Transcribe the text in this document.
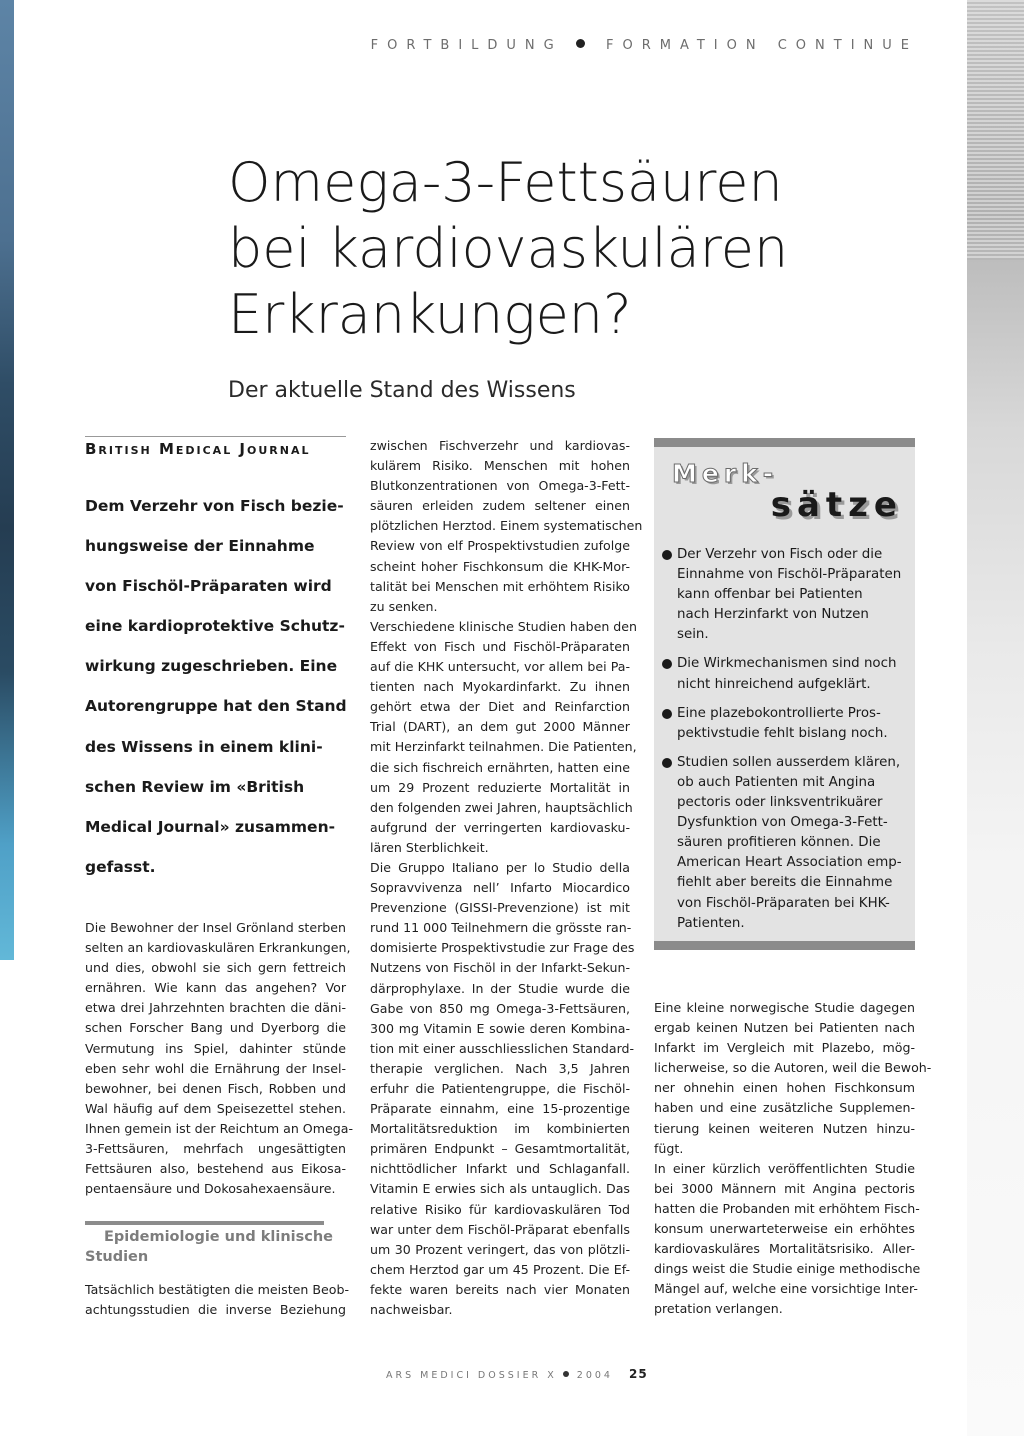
FORTBILDUNG	FORMATION CONTINUE
Omega-3-Fettsäuren
bei kardiovaskulären
Erkrankungen?
Der aktuelle Stand des Wissens
British Medical Journal
Dem Verzehr von Fisch bezie-
hungsweise der Einnahme
von Fischöl-Präparaten wird
eine kardioprotektive Schutz-
wirkung zugeschrieben. Eine
Autorengruppe hat den Stand
des Wissens in einem klini-
schen Review im «British
Medical Journal» zusammen-
gefasst.
Die Bewohner der Insel Grönland sterben
selten an kardiovaskulären Erkrankungen,
und dies, obwohl sie sich gern fettreich
ernähren. Wie kann das angehen? Vor
etwa drei Jahrzehnten brachten die däni-
schen Forscher Bang und Dyerborg die
Vermutung ins Spiel, dahinter stünde
eben sehr wohl die Ernährung der Insel-
bewohner, bei denen Fisch, Robben und
Wal häufig auf dem Speisezettel stehen.
Ihnen gemein ist der Reichtum an Omega-
3-Fettsäuren, mehrfach ungesättigten
Fettsäuren also, bestehend aus Eikosa-
pentaensäure und Dokosahexaensäure.
Epidemiologie und klinische
Studien
Tatsächlich bestätigten die meisten Beob-
achtungsstudien die inverse Beziehung
zwischen Fischverzehr und kardiovas-
kulärem Risiko. Menschen mit hohen
Blutkonzentrationen von Omega-3-Fett-
säuren erleiden zudem seltener einen
plötzlichen Herztod. Einem systematischen
Review von elf Prospektivstudien zufolge
scheint hoher Fischkonsum die KHK-Mor-
talität bei Menschen mit erhöhtem Risiko
zu senken.
Verschiedene klinische Studien haben den
Effekt von Fisch und Fischöl-Präparaten
auf die KHK untersucht, vor allem bei Pa-
tienten nach Myokardinfarkt. Zu ihnen
gehört etwa der Diet and Reinfarction
Trial (DART), an dem gut 2000 Männer
mit Herzinfarkt teilnahmen. Die Patienten,
die sich fischreich ernährten, hatten eine
um 29 Prozent reduzierte Mortalität in
den folgenden zwei Jahren, hauptsächlich
aufgrund der verringerten kardiovasku-
lären Sterblichkeit.
Die Gruppo Italiano per lo Studio della
Sopravvivenza nell’ Infarto Miocardico
Prevenzione (GISSI-Prevenzione) ist mit
rund 11 000 Teilnehmern die grösste ran-
domisierte Prospektivstudie zur Frage des
Nutzens von Fischöl in der Infarkt-Sekun-
därprophylaxe. In der Studie wurde die
Gabe von 850 mg Omega-3-Fettsäuren,
300 mg Vitamin E sowie deren Kombina-
tion mit einer ausschliesslichen Standard-
therapie verglichen. Nach 3,5 Jahren
erfuhr die Patientengruppe, die Fischöl-
Präparate einnahm, eine 15-prozentige
Mortalitätsreduktion im kombinierten
primären Endpunkt – Gesamtmortalität,
nichttödlicher Infarkt und Schlaganfall.
Vitamin E erwies sich als untauglich. Das
relative Risiko für kardiovaskulären Tod
war unter dem Fischöl-Präparat ebenfalls
um 30 Prozent veringert, das von plötzli-
chem Herztod gar um 45 Prozent. Die Ef-
fekte waren bereits nach vier Monaten
nachweisbar.
Merk-
sätze
Der Verzehr von Fisch oder die
Einnahme von Fischöl-Präparaten
kann offenbar bei Patienten
nach Herzinfarkt von Nutzen
sein.
Die Wirkmechanismen sind noch
nicht hinreichend aufgeklärt.
Eine plazebokontrollierte Pros-
pektivstudie fehlt bislang noch.
Studien sollen ausserdem klären,
ob auch Patienten mit Angina
pectoris oder linksventrikuärer
Dysfunktion von Omega-3-Fett-
säuren profitieren können. Die
American Heart Association emp-
fiehlt aber bereits die Einnahme
von Fischöl-Präparaten bei KHK-
Patienten.
Eine kleine norwegische Studie dagegen
ergab keinen Nutzen bei Patienten nach
Infarkt im Vergleich mit Plazebo, mög-
licherweise, so die Autoren, weil die Bewoh-
ner ohnehin einen hohen Fischkonsum
haben und eine zusätzliche Supplemen-
tierung keinen weiteren Nutzen hinzu-
fügt.
In einer kürzlich veröffentlichten Studie
bei 3000 Männern mit Angina pectoris
hatten die Probanden mit erhöhtem Fisch-
konsum unerwarteterweise ein erhöhtes
kardiovaskuläres Mortalitätsrisiko. Aller-
dings weist die Studie einige methodische
Mängel auf, welche eine vorsichtige Inter-
pretation verlangen.
ARS MEDICI DOSSIER X 2004 25
